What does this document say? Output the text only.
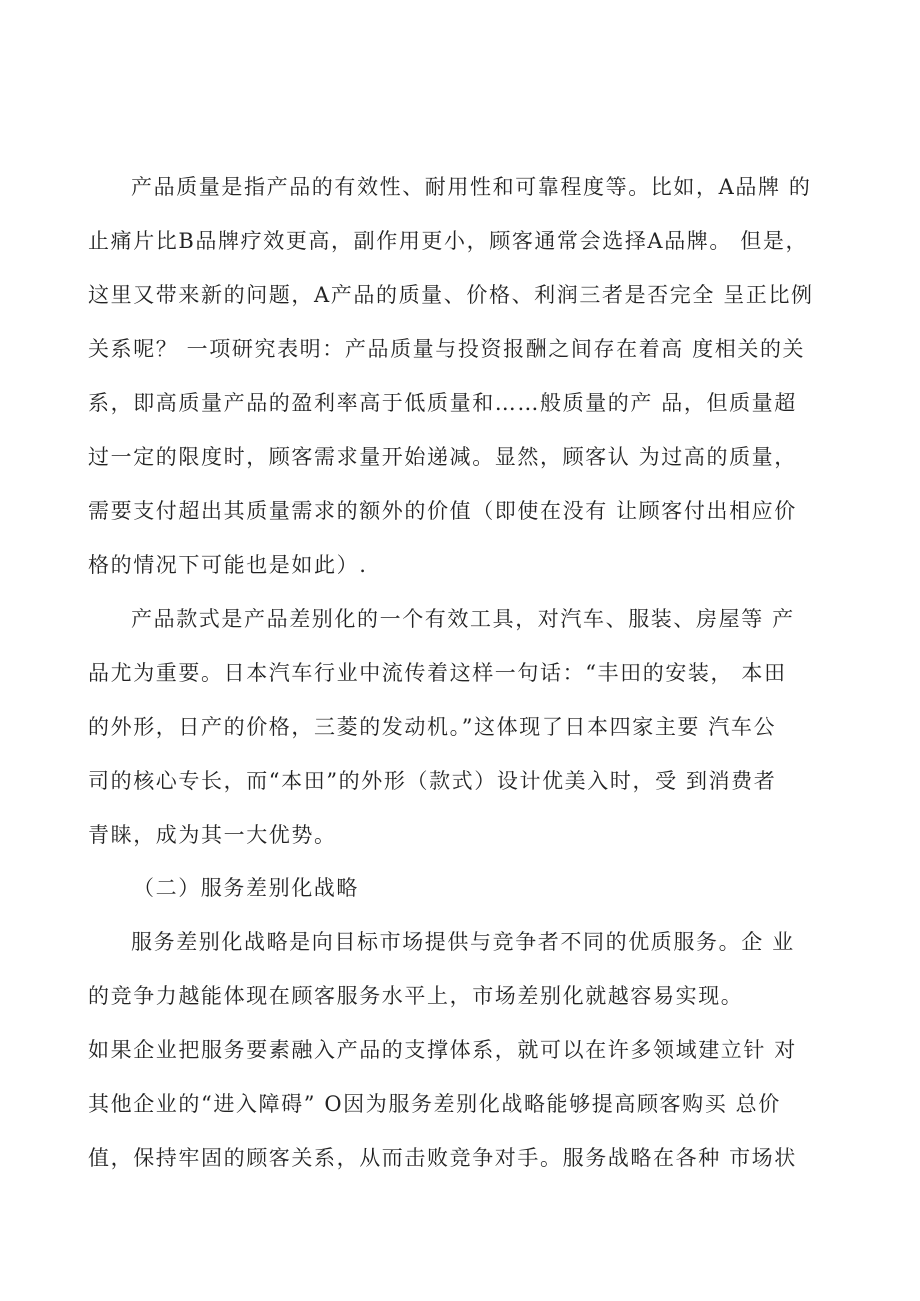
产品质量是指产品的有效性、耐用性和可靠程度等。比如，A品牌 的
止痛片比B品牌疗效更高，副作用更小，顾客通常会选择A品牌。 但是，
这里又带来新的问题，A产品的质量、价格、利润三者是否完全 呈正比例
关系呢？ 一项研究表明：产品质量与投资报酬之间存在着高 度相关的关
系，即高质量产品的盈利率高于低质量和……般质量的产 品，但质量超
过一定的限度时，顾客需求量开始递减。显然，顾客认 为过高的质量，
需要支付超出其质量需求的额外的价值（即使在没有 让顾客付出相应价
格的情况下可能也是如此）.
产品款式是产品差别化的一个有效工具，对汽车、服装、房屋等 产
品尤为重要。日本汽车行业中流传着这样一句话：“丰田的安装， 本田
的外形，日产的价格，三菱的发动机。”这体现了日本四家主要 汽车公
司的核心专长，而“本田”的外形（款式）设计优美入时，受 到消费者
青睐，成为其一大优势。
（二）服务差别化战略
服务差别化战略是向目标市场提供与竞争者不同的优质服务。企 业
的竞争力越能体现在顾客服务水平上，市场差别化就越容易实现。
如果企业把服务要素融入产品的支撑体系，就可以在许多领域建立针 对
其他企业的“进入障碍” O因为服务差别化战略能够提高顾客购买 总价
值，保持牢固的顾客关系，从而击败竞争对手。服务战略在各种 市场状
